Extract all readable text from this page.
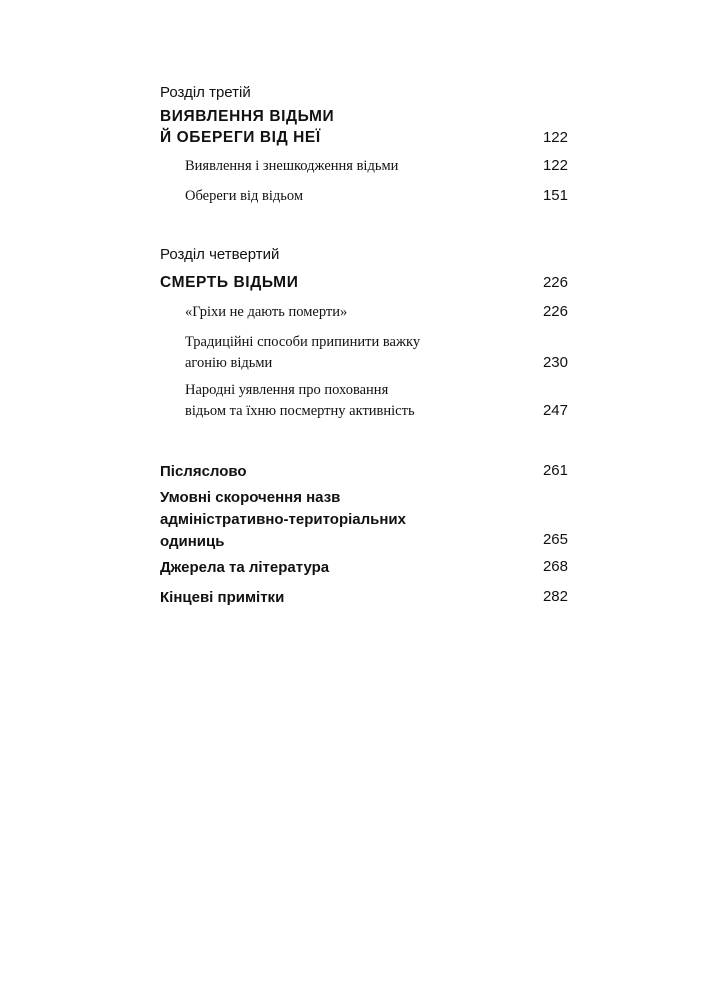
Розділ третій
ВИЯВЛЕННЯ ВІДЬМИ
Й ОБЕРЕГИ ВІД НЕЇ	122
Виявлення і знешкодження відьми	122
Обереги від відьом	151
Розділ четвертий
СМЕРТЬ ВІДЬМИ	226
«Гріхи не дають померти»	226
Традиційні способи припинити важку
агонію відьми	230
Народні уявлення про поховання
відьом та їхню посмертну активність	247
Післяслово	261
Умовні скорочення назв
адміністративно-територіальних
одиниць	265
Джерела та література	268
Кінцеві примітки	282
